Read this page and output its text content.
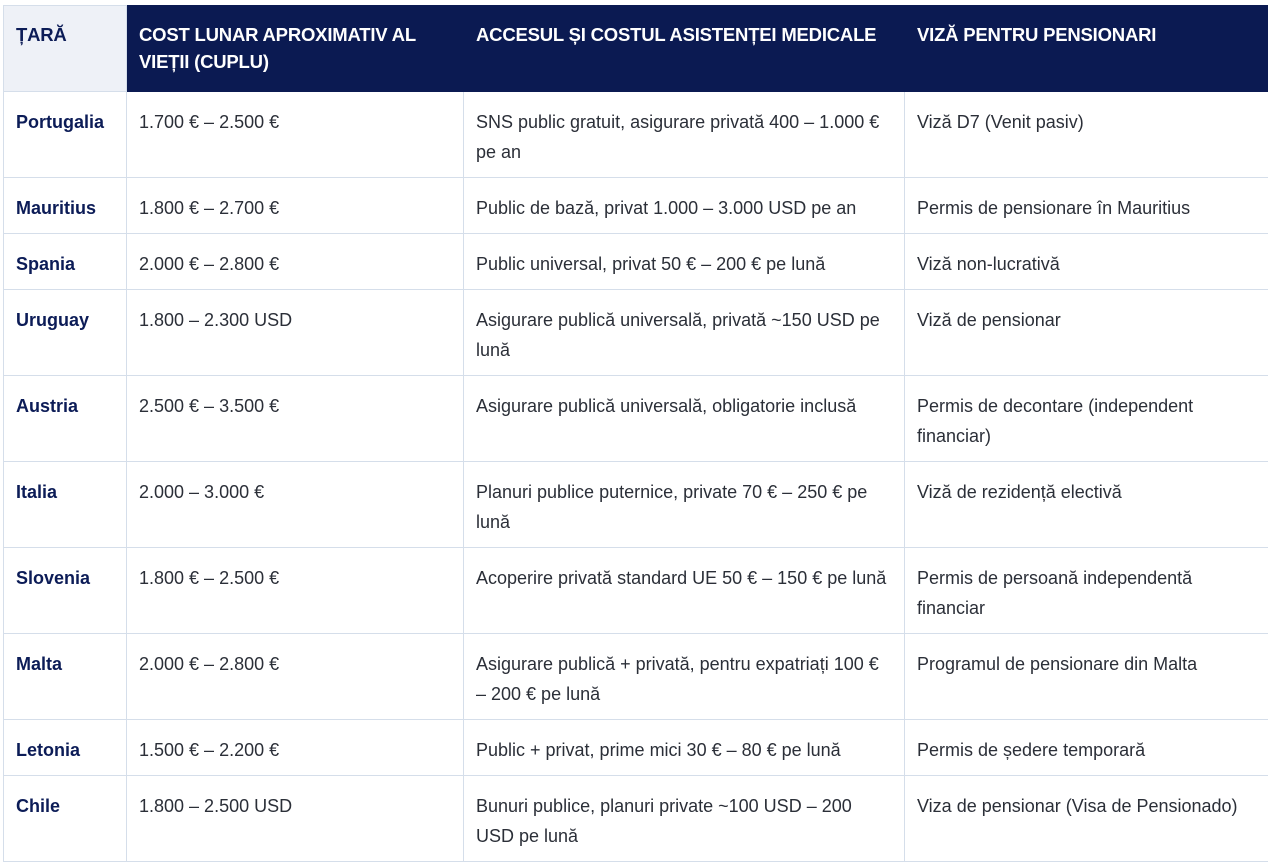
ȚARĂ	COST LUNAR APROXIMATIV AL VIEȚII (CUPLU)	ACCESUL ȘI COSTUL ASISTENȚEI MEDICALE	VIZĂ PENTRU PENSIONARI
Portugalia	1.700 € – 2.500 €	SNS public gratuit, asigurare privată 400 – 1.000 € pe an	Viză D7 (Venit pasiv)
Mauritius	1.800 € – 2.700 €	Public de bază, privat 1.000 – 3.000 USD pe an	Permis de pensionare în Mauritius
Spania	2.000 € – 2.800 €	Public universal, privat 50 € – 200 € pe lună	Viză non-lucrativă
Uruguay	1.800 – 2.300 USD	Asigurare publică universală, privată ~150 USD pe lună	Viză de pensionar
Austria	2.500 € – 3.500 €	Asigurare publică universală, obligatorie inclusă	Permis de decontare (independent financiar)
Italia	2.000 – 3.000 €	Planuri publice puternice, private 70 € – 250 € pe lună	Viză de rezidență electivă
Slovenia	1.800 € – 2.500 €	Acoperire privată standard UE 50 € – 150 € pe lună	Permis de persoană independentă financiar
Malta	2.000 € – 2.800 €	Asigurare publică + privată, pentru expatriați 100 € – 200 € pe lună	Programul de pensionare din Malta
Letonia	1.500 € – 2.200 €	Public + privat, prime mici 30 € – 80 € pe lună	Permis de ședere temporară
Chile	1.800 – 2.500 USD	Bunuri publice, planuri private ~100 USD – 200 USD pe lună	Viza de pensionar (Visa de Pensionado)
